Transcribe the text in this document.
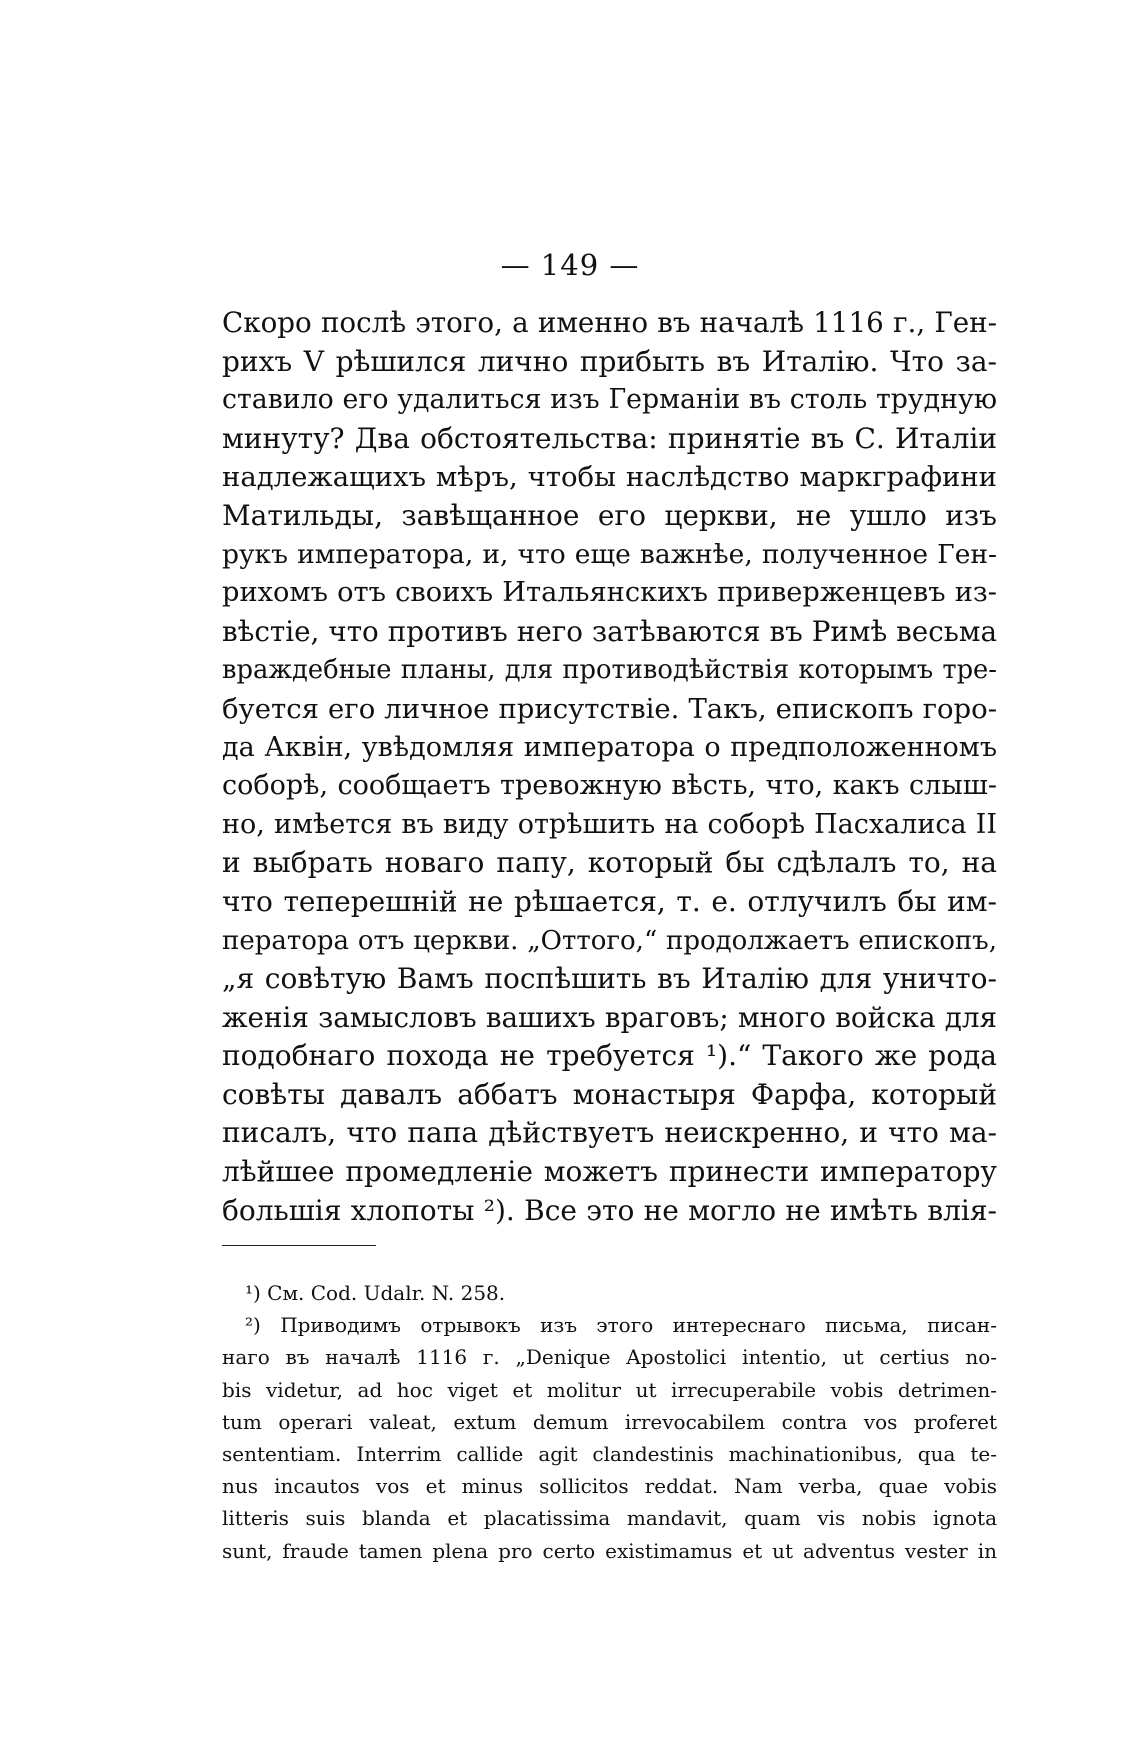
— 149 —
Скоро послѣ этого, а именно въ началѣ 1116 г., Ген-
рихъ V рѣшился лично прибыть въ Италію. Что за-
ставило его удалиться изъ Германіи въ столь трудную
минуту? Два обстоятельства: принятіе въ С. Италіи
надлежащихъ мѣръ, чтобы наслѣдство маркграфини
Матильды, завѣщанное его церкви, не ушло изъ
рукъ императора, и, что еще важнѣе, полученное Ген-
рихомъ отъ своихъ Итальянскихъ приверженцевъ из-
вѣстіе, что противъ него затѣваются въ Римѣ весьма
враждебные планы, для противодѣйствія которымъ тре-
буется его личное присутствіе. Такъ, епископъ горо-
да Аквін, увѣдомляя императора о предположенномъ
соборѣ, сообщаетъ тревожную вѣсть, что, какъ слыш-
но, имѣется въ виду отрѣшить на соборѣ Пасхалиса II
и выбрать новаго папу, который бы сдѣлалъ то, на
что теперешній не рѣшается, т. е. отлучилъ бы им-
ператора отъ церкви. „Оттого,“ продолжаетъ епископъ,
„я совѣтую Вамъ поспѣшить въ Италію для уничто-
женія замысловъ вашихъ враговъ; много войска для
подобнаго похода не требуется ¹).“ Такого же рода
совѣты давалъ аббатъ монастыря Фарфа, который
писалъ, что папа дѣйствуетъ неискренно, и что ма-
лѣйшее промедленіе можетъ принести императору
большія хлопоты ²). Все это не могло не имѣть влія-
¹) См. Cod. Udalr. N. 258.
²) Приводимъ отрывокъ изъ этого интереснаго письма, писан-
наго въ началѣ 1116 г. „Denique Apostolici intentio, ut certius no-
bis videtur, ad hoc viget et molitur ut irrecuperabile vobis detrimen-
tum operari valeat, extum demum irrevocabilem contra vos proferet
sententiam. Interrim callide agit clandestinis machinationibus, qua te-
nus incautos vos et minus sollicitos reddat. Nam verba, quae vobis
litteris suis blanda et placatissima mandavit, quam vis nobis ignota
sunt, fraude tamen plena pro certo existimamus et ut adventus vester in
